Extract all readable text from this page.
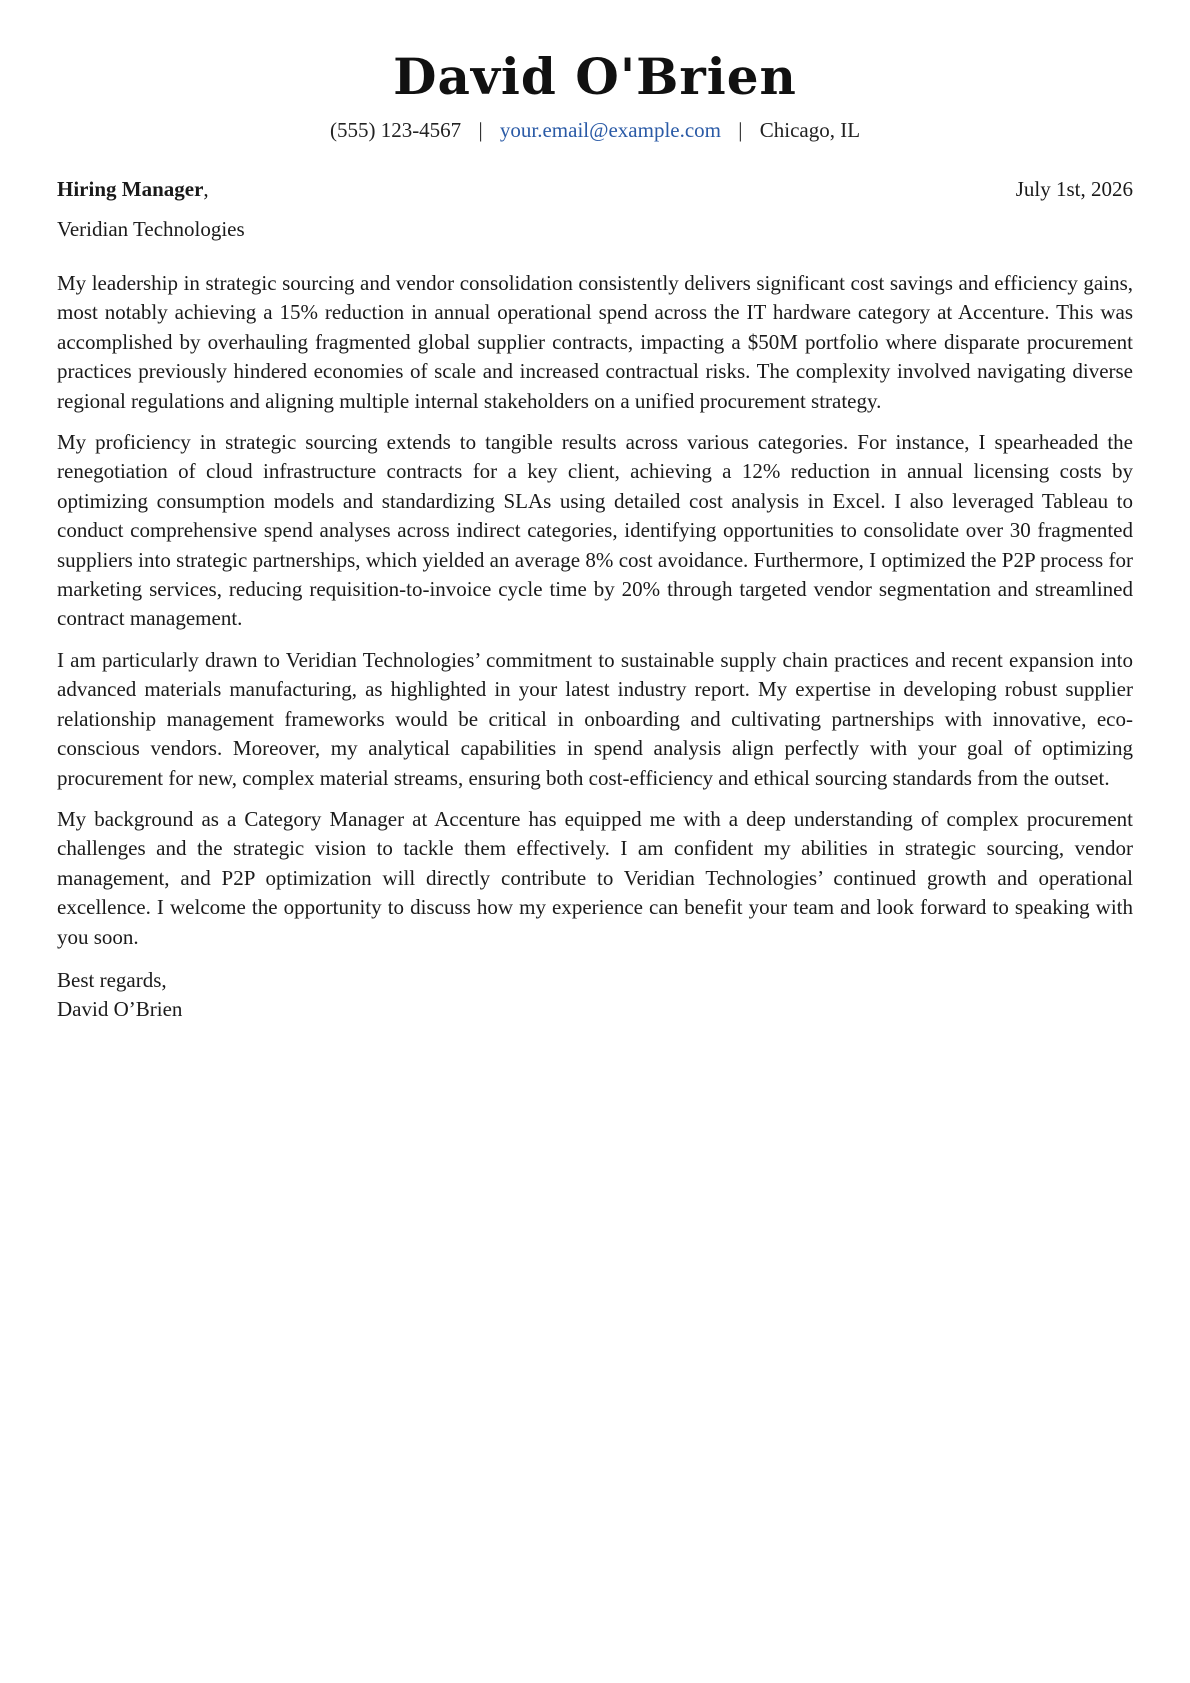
David O'Brien
(555) 123-4567 | your.email@example.com | Chicago, IL
Hiring Manager,	July 1st, 2026
Veridian Technologies

My leadership in strategic sourcing and vendor consolidation consistently delivers significant cost savings and efficiency gains, most notably achieving a 15% reduction in annual operational spend across the IT hardware category at Accenture. This was accomplished by overhauling fragmented global supplier contracts, impacting a $50M portfolio where disparate procurement practices previously hindered economies of scale and increased contractual risks. The complexity involved navigating diverse regional regulations and aligning multiple internal stakeholders on a unified procurement strategy.

My proficiency in strategic sourcing extends to tangible results across various categories. For instance, I spearheaded the renegotiation of cloud infrastructure contracts for a key client, achieving a 12% reduction in annual licensing costs by optimizing consumption models and standardizing SLAs using detailed cost analysis in Excel. I also leveraged Tableau to conduct comprehensive spend analyses across indirect categories, identifying opportunities to consolidate over 30 fragmented suppliers into strategic partnerships, which yielded an average 8% cost avoidance. Furthermore, I optimized the P2P process for marketing services, reducing requisition-to-invoice cycle time by 20% through targeted vendor segmentation and streamlined contract management.

I am particularly drawn to Veridian Technologies’ commitment to sustainable supply chain practices and recent expansion into advanced materials manufacturing, as highlighted in your latest industry report. My expertise in developing robust supplier relationship management frameworks would be critical in onboarding and cultivating partnerships with innovative, eco-conscious vendors. Moreover, my analytical capabilities in spend analysis align perfectly with your goal of optimizing procurement for new, complex material streams, ensuring both cost-efficiency and ethical sourcing standards from the outset.

My background as a Category Manager at Accenture has equipped me with a deep understanding of complex procurement challenges and the strategic vision to tackle them effectively. I am confident my abilities in strategic sourcing, vendor management, and P2P optimization will directly contribute to Veridian Technologies’ continued growth and operational excellence. I welcome the opportunity to discuss how my experience can benefit your team and look forward to speaking with you soon.

Best regards,
David O’Brien
